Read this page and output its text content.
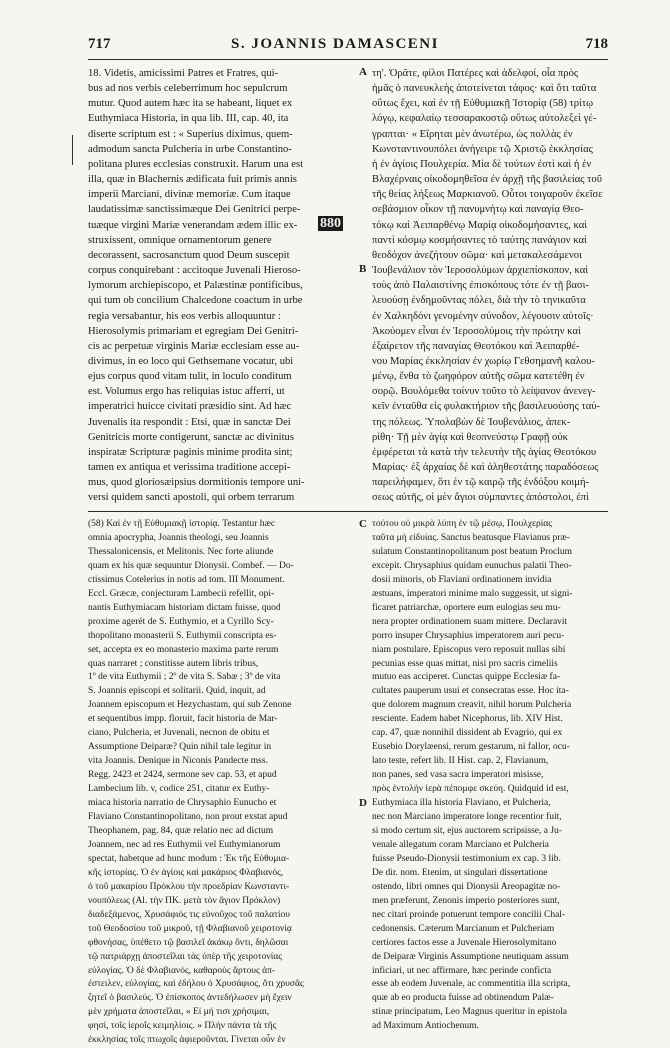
717	S. JOANNIS DAMASCENI	718
18. Videtis, amicissimi Patres et Fratres, qui-
bus ad nos verbis celeberrimum hoc sepulcrum
mutur. Quod autem hæc ita se habeant, liquet ex
Euthymiaca Historia, in qua lib. III, cap. 40, ita
diserte scriptum est : « Superius diximus, quem-
admodum sancta Pulcheria in urbe Constantino-
politana plures ecclesias construxit. Harum una est
illa, quæ in Blachernis ædificata fuit primis annis
imperii Marciani, divinæ memoriæ. Cum itaque
laudatissimæ sanctissimæque Dei Genitrici perpe-
tuæque virgini Mariæ venerandam ædem illic ex-
struxissent, omnique ornamentorum genere
decorassent, sacrosanctum quod Deum suscepit
corpus conquirebant : accitoque Juvenali Hieroso-
lymorum archiepiscopo, et Palæstinæ pontificibus,
qui tum ob concilium Chalcedone coactum in urbe
regia versabantur, his eos verbis alloquuntur :
Hierosolymis primariam et egregiam Dei Genitri-
cis ac perpetuæ virginis Mariæ ecclesiam esse au-
divimus, in eo loco qui Gethsemane vocatur, ubi
ejus corpus quod vitam tulit, in loculo conditum
est. Volumus ergo has reliquias istuc afferri, ut
imperatrici huicce civitati præsidio sint. Ad hæc
Juvenalis ita respondit : Etsi, quæ in sanctæ Dei
Genitricis morte contigerunt, sanctæ ac divinitus
inspiratæ Scripturæ paginis minime prodita sint;
tamen ex antiqua et verissima traditione accepi-
mus, quod gloriosæipsius dormitionis tempore uni-
versi quidem sancti apostoli, qui orbem terrarum
τη'. Ὁρᾶτε, φίλοι Πατέρες καὶ ἀδελφοί, οἷα πρὸς
ἡμᾶς ὁ πανευκλεὴς ἀποτείνεται τάφος· καὶ ὅτι ταῦτα
οὕτως ἔχει, καὶ ἐν τῇ Εὐθυμιακῇ Ἱστορίᾳ (58) τρίτῳ
λόγῳ, κεφαλαίῳ τεσσαρακοστῷ οὕτως αὐτολεξεὶ γέ-
γραπται· « Εἴρηται μὲν ἀνωτέρω, ὡς πολλὰς ἐν
Κωνσταντινουπόλει ἀνήγειρε τῷ Χριστῷ ἐκκλησίας
ἡ ἐν ἁγίοις Πουλχερία. Μία δὲ τούτων ἐστὶ καὶ ἡ ἐν
Βλαχέρναις οἰκοδομηθεῖσα ἐν ἀρχῇ τῆς βασιλείας τοῦ
τῆς θείας λήξεως Μαρκιανοῦ. Οὗτοι τοιγαροῦν ἐκεῖσε
σεβάσμιον οἶκον τῇ πανυμνήτῳ καὶ παναγίᾳ Θεο-
τόκῳ καὶ Ἀειπαρθένῳ Μαρίᾳ οἰκοδομήσαντες, καὶ
παντὶ κόσμῳ κοσμήσαντες τὸ ταύτης πανάγιον καὶ
θεοδόχον ἀνεζήτουν σῶμα· καὶ μετακαλεσάμενοι
Ἰουβενάλιον τὸν Ἱεροσολύμων ἀρχιεπίσκοπον, καὶ
τοὺς ἀπὸ Παλαιστίνης ἐπισκόπους τότε ἐν τῇ βασι-
λευούσῃ ἐνδημοῦντας πόλει, διὰ τὴν τὸ τηνικαῦτα
ἐν Χαλκηδόνι γενομένην σύνοδον, λέγουσιν αὐτοῖς·
Ἀκούομεν εἶναι ἐν Ἱεροσολύμοις τὴν πρώτην καὶ
ἐξαίρετον τῆς παναγίας Θεοτόκου καὶ Ἀειπαρθέ-
νου Μαρίας ἐκκλησίαν ἐν χωρίῳ Γεθσημανῆ καλου-
μένῳ, ἔνθα τὸ ζωηφόρον αὐτῆς σῶμα κατετέθη ἐν
σορῷ. Βουλόμεθα τοίνυν τοῦτο τὸ λείψανον ἀνενεγ-
κεῖν ἐνταῦθα εἰς φυλακτήριον τῆς βασιλευούσης ταύ-
της πόλεως. Ὑπολαβὼν δὲ Ἰουβενάλιος, ἀπεκ-
ρίθη· Τῇ μὲν ἁγίᾳ καὶ θεοπνεύστῳ Γραφῇ οὐκ
ἐμφέρεται τὰ κατὰ τὴν τελευτὴν τῆς ἁγίας Θεοτόκου
Μαρίας· ἐξ ἀρχαίας δὲ καὶ ἀληθεστάτης παραδόσεως
παρειλήφαμεν, ὅτι ἐν τῷ καιρῷ τῆς ἐνδόξου κοιμή-
σεως αὐτῆς, οἱ μὲν ἅγιοι σύμπαντες ἀπόστολοι, ἐπὶ
(58) Καὶ ἐν τῇ Εὐθυμιακῇ ἱστορίᾳ. Testantur hæc
omnia apocrypha, Joannis theologi, seu Joannis
Thessalonicensis, et Melitonis. Nec forte aliunde
quam ex his quæ sequuntur Dionysii. Combef. — Do-
ctissimus Cotelerius in notis ad tom. III Monument.
Eccl. Græcæ, conjecturam Lambecii refellit, opi-
nantis Euthymiacam historiam dictam fuisse, quod
proxime agerét de S. Euthymio, et a Cyrillo Scy-
thopolitano monasterii S. Euthymii conscripta es-
set, accepta ex eo monasterio maxima parte rerum
quas narraret ; constitisse autem libris tribus,
1º de vita Euthymii ; 2º de vita S. Sabæ ; 3º de vita
S. Joannis episcopi et solitarii. Quid, inquit, ad
Joannem episcopum et Hezychastam, qui sub Zenone
et sequentibus impp. floruit, facit historia de Mar-
ciano, Pulcheria, et Juvenali, necnon de obitu et
Assumptione Deiparæ? Quin nihil tale legitur in
vita Joannis. Denique in Niconis Pandecte mss.
Regg. 2423 et 2424, sermone sev cap. 53, et apud
Lambecium lib. v, codice 251, citatur ex Euthy-
miaca historia narratio de Chrysaphio Eunucho et
Flaviano Constantinopolitano, non prout exstat apud
Theophanem, pag. 84, quæ relatio nec ad dictum
Joannem, nec ad res Euthymii vel Euthymianorum
spectat, habetque ad hunc modum : Ἐκ τῆς Εὐθυμια-
κῆς ἱστορίας. Ὁ ἐν ἁγίοις καὶ μακάριος Φλαβιανός,
ὁ τοῦ μακαρίου Πρόκλου τὴν προεδρίαν Κωνσταντι-
νουπόλεως (Al. τὴν ΠΚ. μετὰ τὸν ἅγιον Πρόκλον)
διαδεξάμενος, Χρυσάφιός τις εὐνοῦχος τοῦ παλατίου
τοῦ Θεοδοσίου τοῦ μικροῦ, τῇ Φλαβιανοῦ χειροτονίᾳ
φθονήσας, ὑπέθετο τῷ βασιλεῖ ἀκάκῳ ὄντι, δηλῶσαι
τῷ πατριάρχῃ ἀποστεῖλαι τὰς ὑπὲρ τῆς χειροτονίας
εὐλογίας. Ὁ δὲ Φλαβιανός, καθαροὺς ἄρτους ἀπ-
έστειλεν, εὐλογίας, καὶ ἐδήλου ὁ Χρυσάφιος, ὅτι χρυσᾶς
ζητεῖ ὁ βασιλεύς. Ὁ ἐπίσκοπος ἀντεδήλωσεν μὴ ἔχειν
μὲν χρήματα ἀποστεῖλαι, « Εἰ μή τισι χρήσιμαι,
φησί, τοῖς ἱεροῖς κειμηλίοις. » Πλὴν πάντα τὰ τῆς
ἐκκλησίας τοῖς πτωχοῖς ἀφιεροῦνται. Γίνεται οὖν ἐν
τούτου οὐ μικρὰ λύπη ἐν τῷ μέσῳ, Πουλχερίας
ταῦτα μὴ εἰδυίας. Sanctus beatusque Flavianus præ-
sulatum Constantinopolitanum post beatum Proclum
excepit. Chrysaphius quidam eunuchus palatii Theo-
dosii minoris, ob Flaviani ordinationem invidia
æstuans, imperatori minime malo suggessit, ut signi-
ficaret patriarchæ, oportere eum eulogias seu mu-
nera propter ordinationem suam mittere. Declaravit
porro insuper Chrysaphius imperatorem auri pecu-
niam postulare. Episcopus vero reposuit nullas sibi
pecunias esse quas mittat, nisi pro sacris cimeliis
mutuo eas acciperet. Cunctas quippe Ecclesiæ fa-
cultates pauperum usui et consecratas esse. Hoc ita-
que dolorem magnum creavit, nihil horum Pulcheria
resciente. Eadem habet Nicephorus, lib. XIV Hist.
cap. 47, quæ nonnihil dissident ab Evagrio, qui ex
Eusebio Dorylæensi, rerum gestarum, ni fallor, ocu-
lato teste, refert lib. II Hist. cap. 2, Flavianum,
non panes, sed vasa sacra imperatori misisse,
πρὸς ἐντολὴν ἱερὰ πέπομφε σκεύη. Quidquid id est,
Euthymiaca illa historia Flaviano, et Pulcheria,
nec non Marciano imperatore longe recentior fuit,
si modo certum sit, ejus auctorem scripsisse, a Ju-
venale allegatum coram Marciano et Pulcheria
fuisse Pseudo-Dionysii testimonium ex cap. 3 lib.
De dir. nom. Etenim, ut singulari dissertatione
ostendo, libri omnes qui Dionysii Areopagitæ no-
men præferunt, Zenonis imperio posteriores sunt,
nec citari proinde potuerunt tempore concilii Chal-
cedonensis. Cæterum Marcianum et Pulcheriam
certiores factos esse a Juvenale Hierosolymitano
de Deiparæ Virginis Assumptione neutiquam assum
inficiari, ut nec affirmare, hæc perinde conficta
esse ab eodem Juvenale, ac commentitia illa scripta,
quæ ab eo producta fuisse ad obtinendum Palæ-
stinæ principatum, Leo Magnus queritur in epistola
ad Maximum Antiochenum.
A
B
C
D
880
